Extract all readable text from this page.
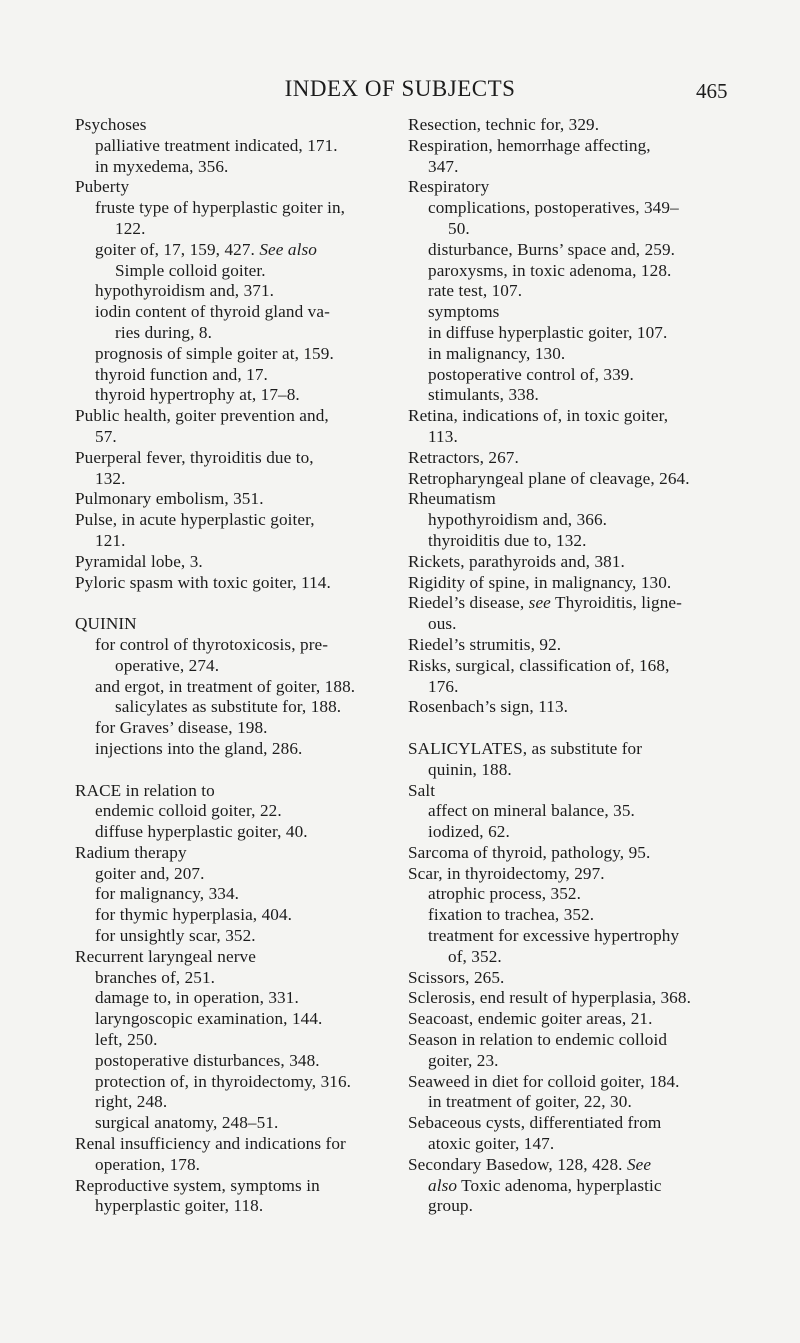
INDEX OF SUBJECTS	465
Psychoses
palliative treatment indicated, 171.
in myxedema, 356.
Puberty
fruste type of hyperplastic goiter in,
122.
goiter of, 17, 159, 427. See also
Simple colloid goiter.
hypothyroidism and, 371.
iodin content of thyroid gland va-
ries during, 8.
prognosis of simple goiter at, 159.
thyroid function and, 17.
thyroid hypertrophy at, 17–8.
Public health, goiter prevention and,
57.
Puerperal fever, thyroiditis due to,
132.
Pulmonary embolism, 351.
Pulse, in acute hyperplastic goiter,
121.
Pyramidal lobe, 3.
Pyloric spasm with toxic goiter, 114.
QUININ
for control of thyrotoxicosis, pre-
operative, 274.
and ergot, in treatment of goiter, 188.
salicylates as substitute for, 188.
for Graves’ disease, 198.
injections into the gland, 286.
RACE in relation to
endemic colloid goiter, 22.
diffuse hyperplastic goiter, 40.
Radium therapy
goiter and, 207.
for malignancy, 334.
for thymic hyperplasia, 404.
for unsightly scar, 352.
Recurrent laryngeal nerve
branches of, 251.
damage to, in operation, 331.
laryngoscopic examination, 144.
left, 250.
postoperative disturbances, 348.
protection of, in thyroidectomy, 316.
right, 248.
surgical anatomy, 248–51.
Renal insufficiency and indications for
operation, 178.
Reproductive system, symptoms in
hyperplastic goiter, 118.
Resection, technic for, 329.
Respiration, hemorrhage affecting,
347.
Respiratory
complications, postoperatives, 349–
50.
disturbance, Burns’ space and, 259.
paroxysms, in toxic adenoma, 128.
rate test, 107.
symptoms
in diffuse hyperplastic goiter, 107.
in malignancy, 130.
postoperative control of, 339.
stimulants, 338.
Retina, indications of, in toxic goiter,
113.
Retractors, 267.
Retropharyngeal plane of cleavage, 264.
Rheumatism
hypothyroidism and, 366.
thyroiditis due to, 132.
Rickets, parathyroids and, 381.
Rigidity of spine, in malignancy, 130.
Riedel’s disease, see Thyroiditis, ligne-
ous.
Riedel’s strumitis, 92.
Risks, surgical, classification of, 168,
176.
Rosenbach’s sign, 113.
SALICYLATES, as substitute for
quinin, 188.
Salt
affect on mineral balance, 35.
iodized, 62.
Sarcoma of thyroid, pathology, 95.
Scar, in thyroidectomy, 297.
atrophic process, 352.
fixation to trachea, 352.
treatment for excessive hypertrophy
of, 352.
Scissors, 265.
Sclerosis, end result of hyperplasia, 368.
Seacoast, endemic goiter areas, 21.
Season in relation to endemic colloid
goiter, 23.
Seaweed in diet for colloid goiter, 184.
in treatment of goiter, 22, 30.
Sebaceous cysts, differentiated from
atoxic goiter, 147.
Secondary Basedow, 128, 428. See
also Toxic adenoma, hyperplastic
group.
